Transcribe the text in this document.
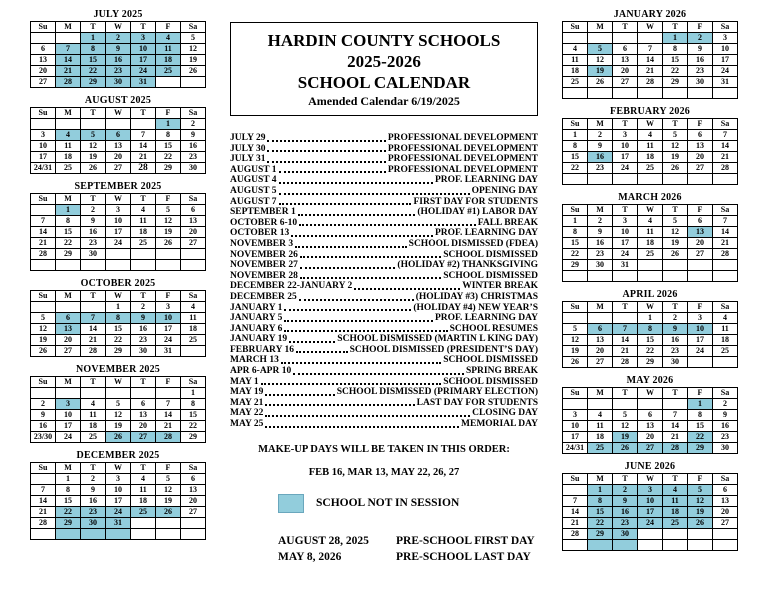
JULY 2025
Su	M	T	W	T	F	Sa
		1	2	3	4	5
6	7	8	9	10	11	12
13	14	15	16	17	18	19
20	21	22	23	24	25	26
27	28	29	30	31		
AUGUST 2025
Su	M	T	W	T	F	Sa
					1	2
3	4	5	6	7	8	9
10	11	12	13	14	15	16
17	18	19	20	21	22	23
24/31	25	26	27	28	29	30
SEPTEMBER 2025
Su	M	T	W	T	F	Sa
	1	2	3	4	5	6
7	8	9	10	11	12	13
14	15	16	17	18	19	20
21	22	23	24	25	26	27
28	29	30				

OCTOBER 2025
Su	M	T	W	T	F	Sa
			1	2	3	4
5	6	7	8	9	10	11
12	13	14	15	16	17	18
19	20	21	22	23	24	25
26	27	28	29	30	31	
NOVEMBER 2025
Su	M	T	W	T	F	Sa
						1
2	3	4	5	6	7	8
9	10	11	12	13	14	15
16	17	18	19	20	21	22
23/30	24	25	26	27	28	29
DECEMBER 2025
Su	M	T	W	T	F	Sa
	1	2	3	4	5	6
7	8	9	10	11	12	13
14	15	16	17	18	19	20
21	22	23	24	25	26	27
28	29	30	31			

HARDIN COUNTY SCHOOLS
2025-2026
SCHOOL CALENDAR
Amended Calendar 6/19/2025
JULY 29	PROFESSIONAL DEVELOPMENT
JULY 30	PROFESSIONAL DEVELOPMENT
JULY 31	PROFESSIONAL DEVELOPMENT
AUGUST 1	PROFESSIONAL DEVELOPMENT
AUGUST 4	PROF. LEARNING DAY
AUGUST 5	OPENING DAY
AUGUST 7	FIRST DAY FOR STUDENTS
SEPTEMBER 1	(HOLIDAY #1) LABOR DAY
OCTOBER 6-10	FALL BREAK
OCTOBER 13	PROF. LEARNING DAY
NOVEMBER 3	SCHOOL DISMISSED (FDEA)
NOVEMBER 26	SCHOOL DISMISSED
NOVEMBER 27	(HOLIDAY #2) THANKSGIVING
NOVEMBER 28	SCHOOL DISMISSED
DECEMBER 22-JANUARY 2	WINTER BREAK
DECEMBER 25	(HOLIDAY #3) CHRISTMAS
JANUARY 1	(HOLIDAY #4) NEW YEAR’S
JANUARY 5	PROF. LEARNING DAY
JANUARY 6	SCHOOL RESUMES
JANUARY 19	SCHOOL DISMISSED (MARTIN L KING DAY)
FEBRUARY 16	SCHOOL DISMISSED (PRESIDENT’S DAY)
MARCH 13	SCHOOL DISMISSED
APR 6-APR 10	SPRING BREAK
MAY 1	SCHOOL DISMISSED
MAY 19	SCHOOL DISMISSED (PRIMARY ELECTION)
MAY 21	LAST DAY FOR STUDENTS
MAY 22	CLOSING DAY
MAY 25	MEMORIAL DAY
MAKE-UP DAYS WILL BE TAKEN IN THIS ORDER:
FEB 16, MAR 13, MAY 22, 26, 27
SCHOOL NOT IN SESSION
AUGUST 28, 2025	PRE-SCHOOL FIRST DAY
MAY 8, 2026	PRE-SCHOOL LAST DAY
JANUARY 2026
Su	M	T	W	T	F	Sa
				1	2	3
4	5	6	7	8	9	10
11	12	13	14	15	16	17
18	19	20	21	22	23	24
25	26	27	28	29	30	31

FEBRUARY 2026
Su	M	T	W	T	F	Sa
1	2	3	4	5	6	7
8	9	10	11	12	13	14
15	16	17	18	19	20	21
22	23	24	25	26	27	28

MARCH 2026
Su	M	T	W	T	F	Sa
1	2	3	4	5	6	7
8	9	10	11	12	13	14
15	16	17	18	19	20	21
22	23	24	25	26	27	28
29	30	31				

APRIL 2026
Su	M	T	W	T	F	Sa
			1	2	3	4
5	6	7	8	9	10	11
12	13	14	15	16	17	18
19	20	21	22	23	24	25
26	27	28	29	30		
MAY 2026
Su	M	T	W	T	F	Sa
					1	2
3	4	5	6	7	8	9
10	11	12	13	14	15	16
17	18	19	20	21	22	23
24/31	25	26	27	28	29	30
JUNE 2026
Su	M	T	W	T	F	Sa
	1	2	3	4	5	6
7	8	9	10	11	12	13
14	15	16	17	18	19	20
21	22	23	24	25	26	27
28	29	30				
